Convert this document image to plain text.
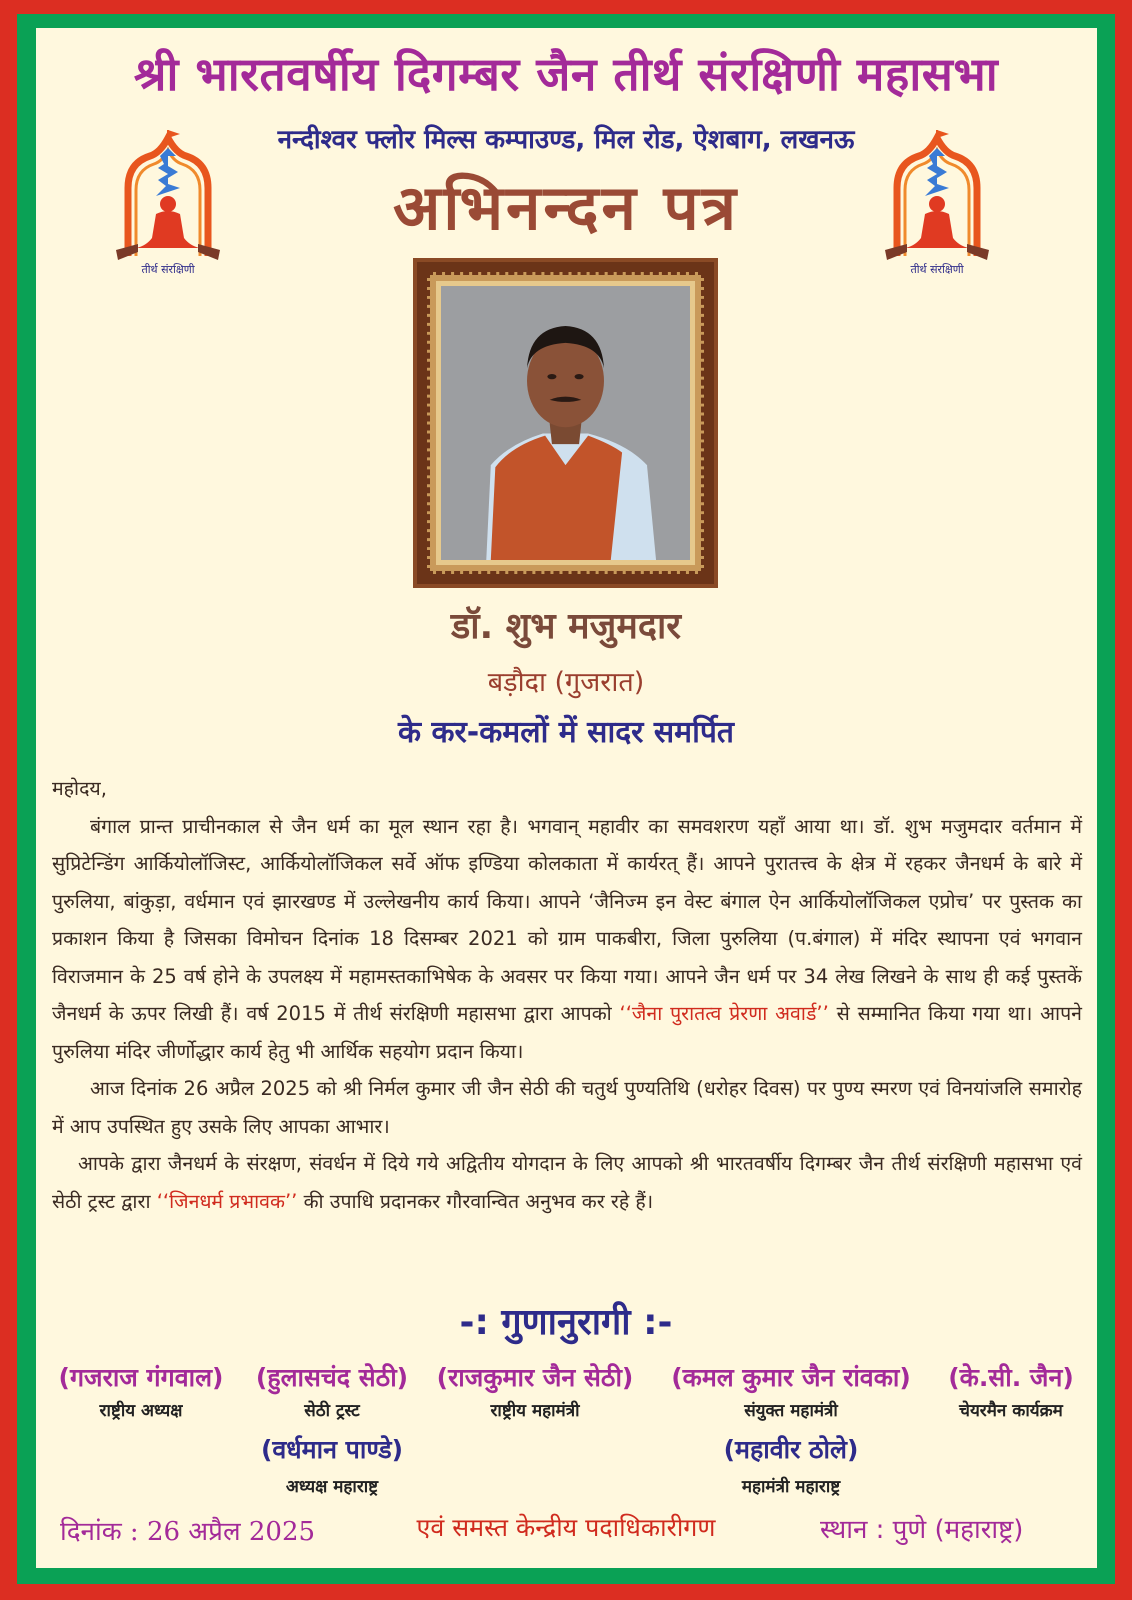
श्री भारतवर्षीय दिगम्बर जैन तीर्थ संरक्षिणी महासभा
नन्दीश्वर फ्लोर मिल्स कम्पाउण्ड, मिल रोड, ऐशबाग, लखनऊ
अभिनन्दन पत्र
तीर्थ संरक्षिणी	तीर्थ संरक्षिणी
डॉ. शुभ मजुमदार
बड़ौदा (गुजरात)
के कर-कमलों में सादर समर्पित

महोदय,

बंगाल प्रान्त प्राचीनकाल से जैन धर्म का मूल स्थान रहा है। भगवान् महावीर का समवशरण यहाँ आया था। डॉ. शुभ मजुमदार वर्तमान में सुप्रिटेन्डिंग आर्कियोलॉजिस्ट, आर्कियोलॉजिकल सर्वे ऑफ इण्डिया कोलकाता में कार्यरत् हैं। आपने पुरातत्त्व के क्षेत्र में रहकर जैनधर्म के बारे में पुरुलिया, बांकुड़ा, वर्धमान एवं झारखण्ड में उल्लेखनीय कार्य किया। आपने ‘जैनिज्म इन वेस्ट बंगाल ऐन आर्कियोलॉजिकल एप्रोच’ पर पुस्तक का प्रकाशन किया है जिसका विमोचन दिनांक 18 दिसम्बर 2021 को ग्राम पाकबीरा, जिला पुरुलिया (प.बंगाल) में मंदिर स्थापना एवं भगवान विराजमान के 25 वर्ष होने के उपलक्ष्य में महामस्तकाभिषेक के अवसर पर किया गया। आपने जैन धर्म पर 34 लेख लिखने के साथ ही कई पुस्तकें जैनधर्म के ऊपर लिखी हैं। वर्ष 2015 में तीर्थ संरक्षिणी महासभा द्वारा आपको ‘‘जैना पुरातत्व प्रेरणा अवार्ड’’ से सम्मानित किया गया था। आपने पुरुलिया मंदिर जीर्णोद्धार कार्य हेतु भी आर्थिक सहयोग प्रदान किया।

आज दिनांक 26 अप्रैल 2025 को श्री निर्मल कुमार जी जैन सेठी की चतुर्थ पुण्यतिथि (धरोहर दिवस) पर पुण्य स्मरण एवं विनयांजलि समारोह में आप उपस्थित हुए उसके लिए आपका आभार।

आपके द्वारा जैनधर्म के संरक्षण, संवर्धन में दिये गये अद्वितीय योगदान के लिए आपको श्री भारतवर्षीय दिगम्बर जैन तीर्थ संरक्षिणी महासभा एवं सेठी ट्रस्ट द्वारा ‘‘जिनधर्म प्रभावक’’ की उपाधि प्रदानकर गौरवान्वित अनुभव कर रहे हैं।

-: गुणानुरागी :-
(गजराज गंगवाल)
राष्ट्रीय अध्यक्ष
(हुलासचंद सेठी)
सेठी ट्रस्ट
(राजकुमार जैन सेठी)
राष्ट्रीय महामंत्री
(कमल कुमार जैन रांवका)
संयुक्त महामंत्री
(के.सी. जैन)
चेयरमैन कार्यक्रम
(वर्धमान पाण्डे)
अध्यक्ष महाराष्ट्र
(महावीर ठोले)
महामंत्री महाराष्ट्र
दिनांक : 26 अप्रैल 2025	एवं समस्त केन्द्रीय पदाधिकारीगण	स्थान : पुणे (महाराष्ट्र)
